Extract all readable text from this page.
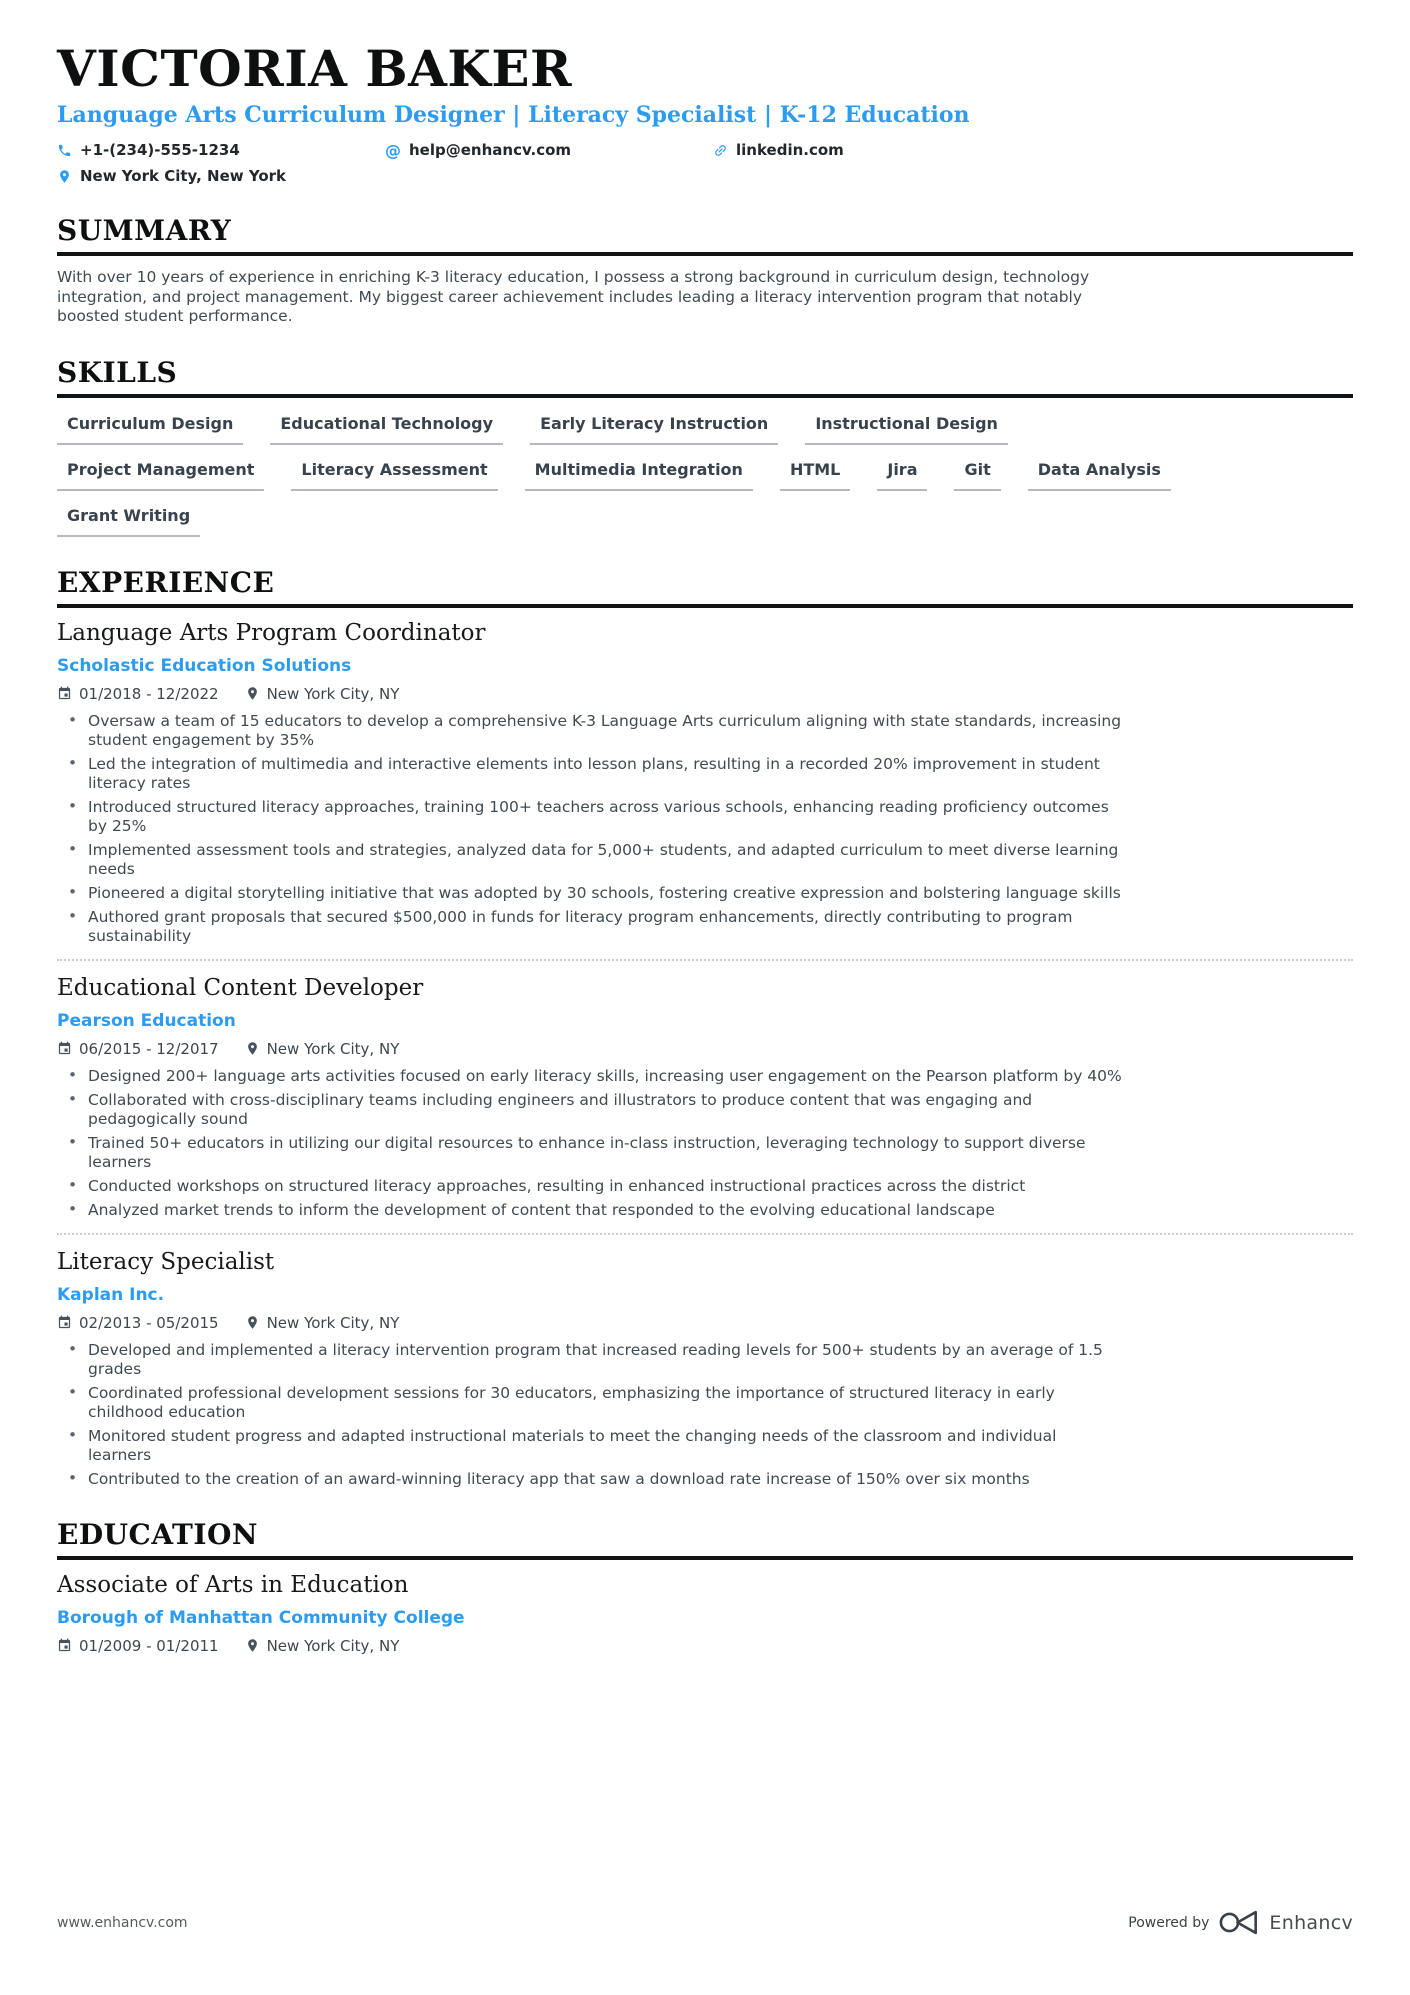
VICTORIA BAKER
Language Arts Curriculum Designer | Literacy Specialist | K-12 Education
+1-(234)-555-1234	@ help@enhancv.com	linkedin.com
New York City, New York
SUMMARY
With over 10 years of experience in enriching K-3 literacy education, I possess a strong background in curriculum design, technology integration, and project management. My biggest career achievement includes leading a literacy intervention program that notably boosted student performance.
SKILLS
Curriculum Design	Educational Technology	Early Literacy Instruction	Instructional Design
Project Management	Literacy Assessment	Multimedia Integration	HTML	Jira	Git	Data Analysis
Grant Writing
EXPERIENCE
Language Arts Program Coordinator
Scholastic Education Solutions
01/2018 - 12/2022	New York City, NY
• Oversaw a team of 15 educators to develop a comprehensive K-3 Language Arts curriculum aligning with state standards, increasing student engagement by 35%
• Led the integration of multimedia and interactive elements into lesson plans, resulting in a recorded 20% improvement in student literacy rates
• Introduced structured literacy approaches, training 100+ teachers across various schools, enhancing reading proficiency outcomes by 25%
• Implemented assessment tools and strategies, analyzed data for 5,000+ students, and adapted curriculum to meet diverse learning needs
• Pioneered a digital storytelling initiative that was adopted by 30 schools, fostering creative expression and bolstering language skills
• Authored grant proposals that secured $500,000 in funds for literacy program enhancements, directly contributing to program sustainability
Educational Content Developer
Pearson Education
06/2015 - 12/2017	New York City, NY
• Designed 200+ language arts activities focused on early literacy skills, increasing user engagement on the Pearson platform by 40%
• Collaborated with cross-disciplinary teams including engineers and illustrators to produce content that was engaging and pedagogically sound
• Trained 50+ educators in utilizing our digital resources to enhance in-class instruction, leveraging technology to support diverse learners
• Conducted workshops on structured literacy approaches, resulting in enhanced instructional practices across the district
• Analyzed market trends to inform the development of content that responded to the evolving educational landscape
Literacy Specialist
Kaplan Inc.
02/2013 - 05/2015	New York City, NY
• Developed and implemented a literacy intervention program that increased reading levels for 500+ students by an average of 1.5 grades
• Coordinated professional development sessions for 30 educators, emphasizing the importance of structured literacy in early childhood education
• Monitored student progress and adapted instructional materials to meet the changing needs of the classroom and individual learners
• Contributed to the creation of an award-winning literacy app that saw a download rate increase of 150% over six months
EDUCATION
Associate of Arts in Education
Borough of Manhattan Community College
01/2009 - 01/2011	New York City, NY
www.enhancv.com	Powered by	Enhancv
